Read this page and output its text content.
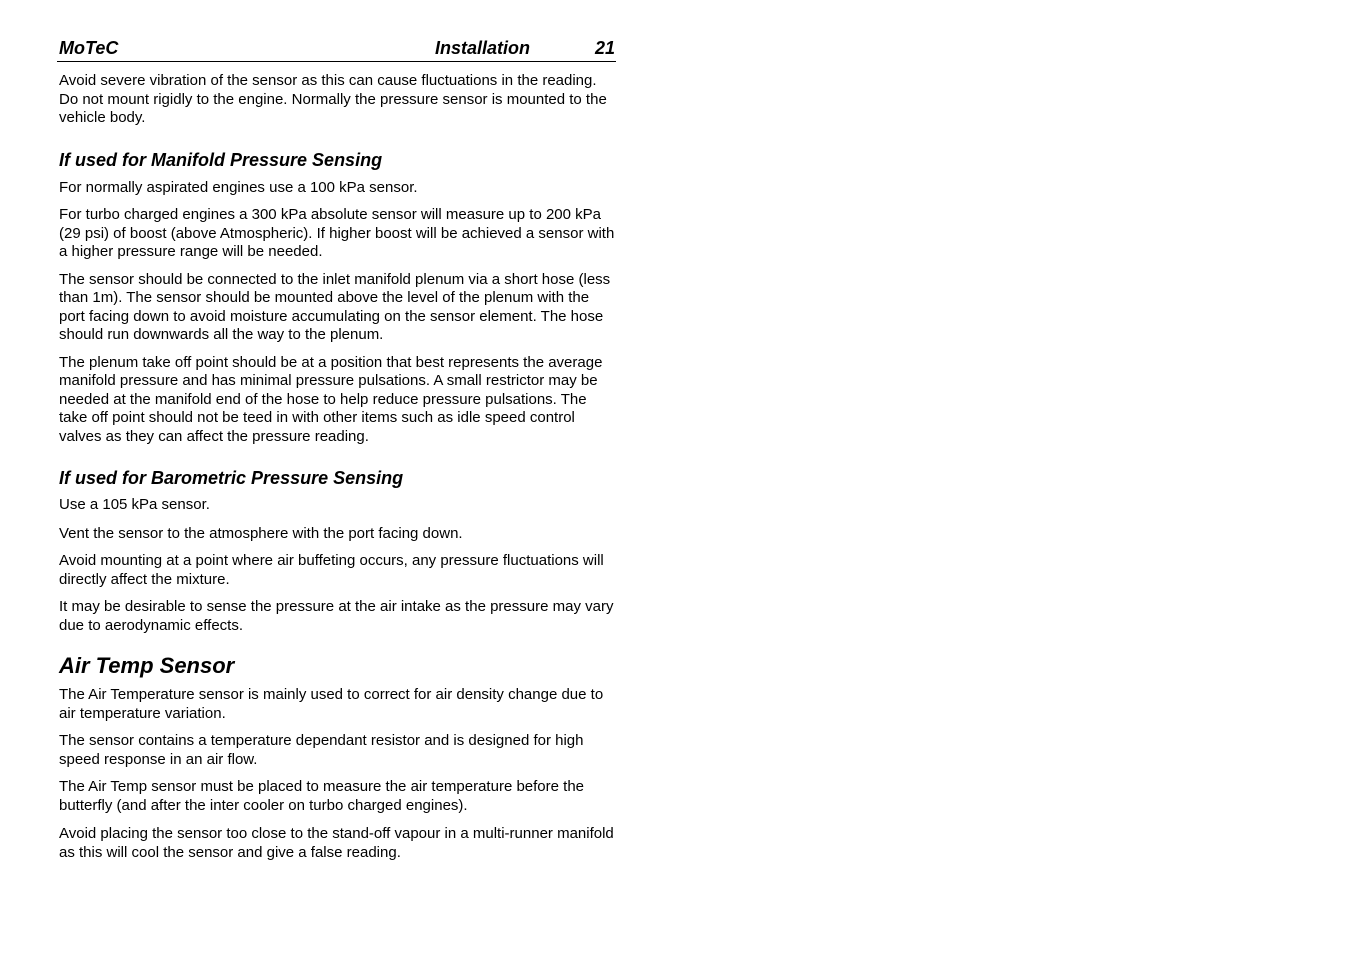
MoTeC	Installation	21

Avoid severe vibration of the sensor as this can cause fluctuations in the reading. Do not mount rigidly to the engine. Normally the pressure sensor is mounted to the vehicle body.

If used for Manifold Pressure Sensing

For normally aspirated engines use a 100 kPa sensor.

For turbo charged engines a 300 kPa absolute sensor will measure up to 200 kPa (29 psi) of boost (above Atmospheric). If higher boost will be achieved a sensor with a higher pressure range will be needed.

The sensor should be connected to the inlet manifold plenum via a short hose (less than 1m). The sensor should be mounted above the level of the plenum with the port facing down to avoid moisture accumulating on the sensor element. The hose should run downwards all the way to the plenum.

The plenum take off point should be at a position that best represents the average manifold pressure and has minimal pressure pulsations. A small restrictor may be needed at the manifold end of the hose to help reduce pressure pulsations. The take off point should not be teed in with other items such as idle speed control valves as they can affect the pressure reading.

If used for Barometric Pressure Sensing

Use a 105 kPa sensor.

Vent the sensor to the atmosphere with the port facing down.

Avoid mounting at a point where air buffeting occurs, any pressure fluctuations will directly affect the mixture.

It may be desirable to sense the pressure at the air intake as the pressure may vary due to aerodynamic effects.

Air Temp Sensor

The Air Temperature sensor is mainly used to correct for air density change due to air temperature variation.

The sensor contains a temperature dependant resistor and is designed for high speed response in an air flow.

The Air Temp sensor must be placed to measure the air temperature before the butterfly (and after the inter cooler on turbo charged engines).

Avoid placing the sensor too close to the stand-off vapour in a multi-runner manifold as this will cool the sensor and give a false reading.
